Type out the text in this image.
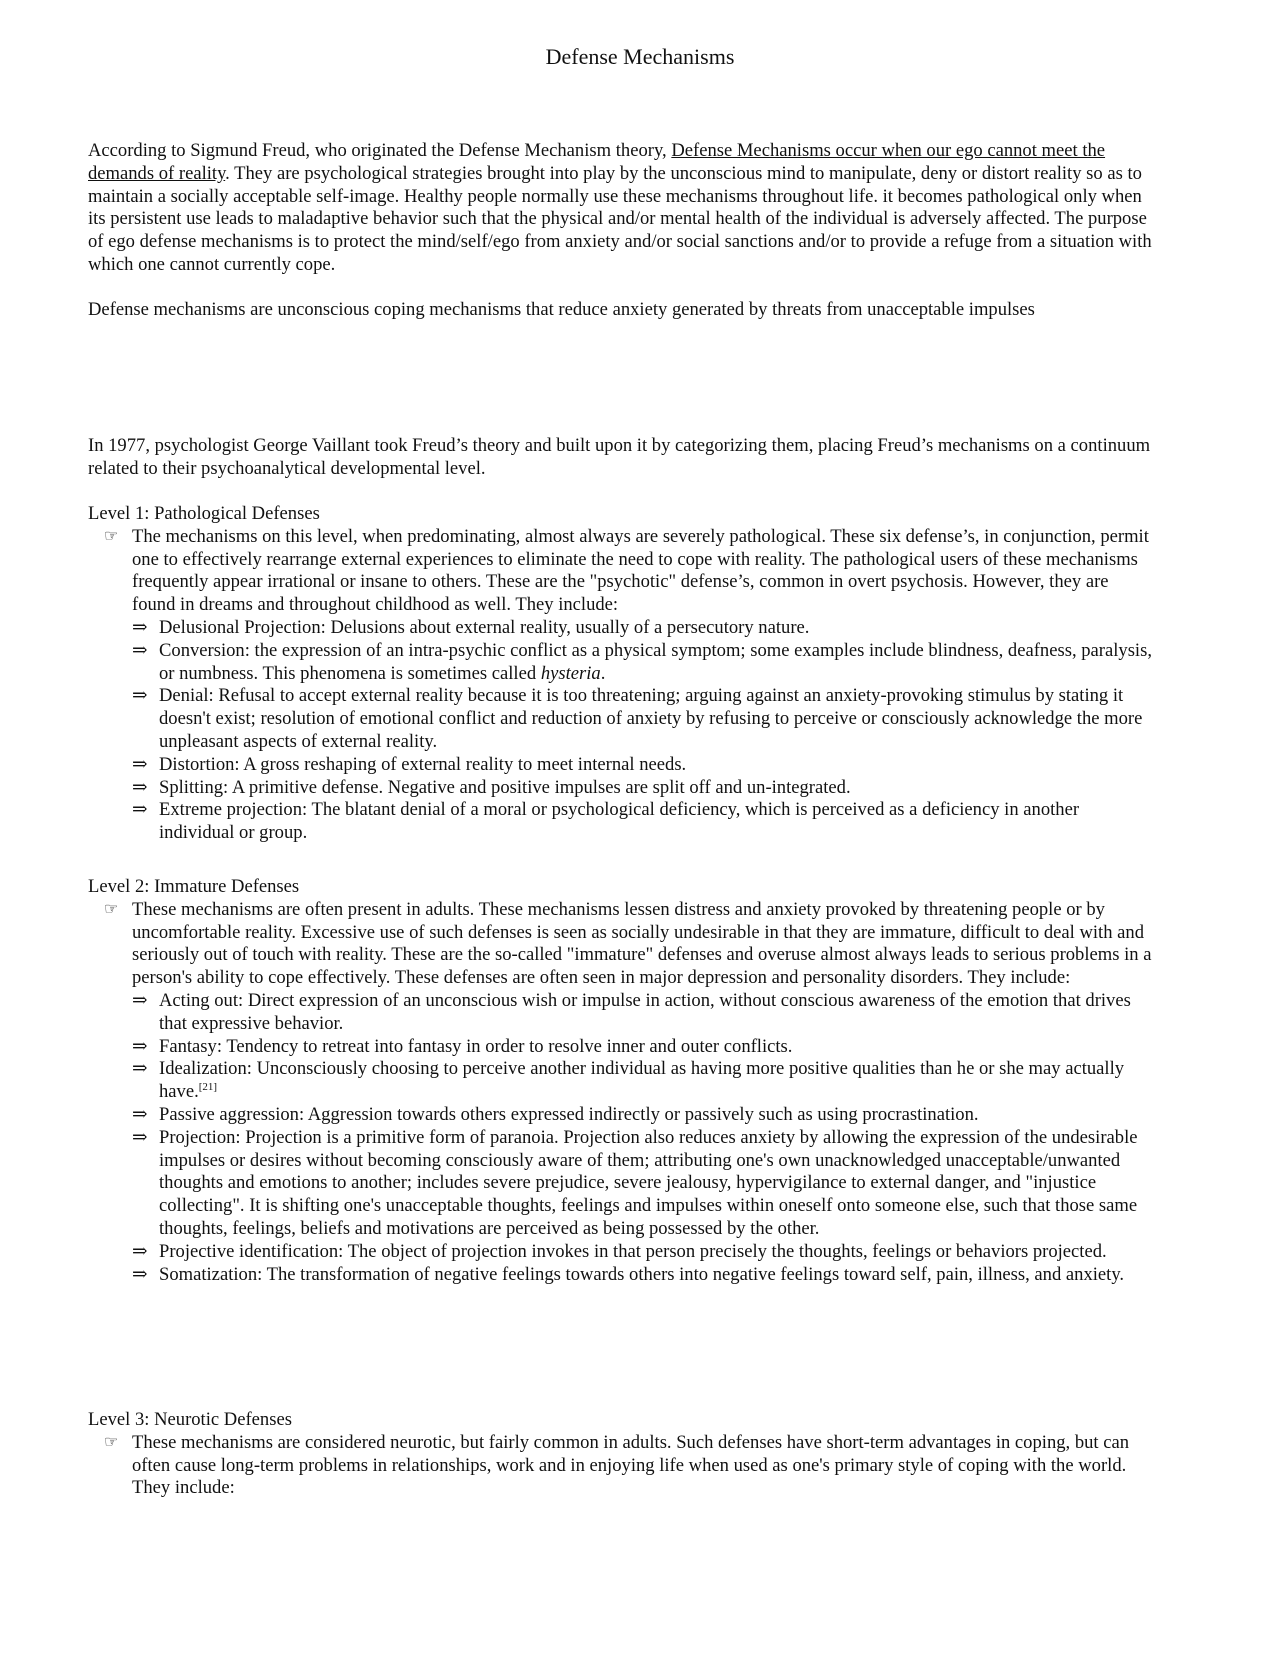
Defense Mechanisms

According to Sigmund Freud, who originated the Defense Mechanism theory, Defense Mechanisms occur when our ego cannot meet the demands of reality. They are psychological strategies brought into play by the unconscious mind to manipulate, deny or distort reality so as to maintain a socially acceptable self-image. Healthy people normally use these mechanisms throughout life. it becomes pathological only when its persistent use leads to maladaptive behavior such that the physical and/or mental health of the individual is adversely affected. The purpose of ego defense mechanisms is to protect the mind/self/ego from anxiety and/or social sanctions and/or to provide a refuge from a situation with which one cannot currently cope.

Defense mechanisms are unconscious coping mechanisms that reduce anxiety generated by threats from unacceptable impulses

In 1977, psychologist George Vaillant took Freud’s theory and built upon it by categorizing them, placing Freud’s mechanisms on a continuum related to their psychoanalytical developmental level.

Level 1: Pathological Defenses

☞ The mechanisms on this level, when predominating, almost always are severely pathological. These six defense’s, in conjunction, permit one to effectively rearrange external experiences to eliminate the need to cope with reality. The pathological users of these mechanisms frequently appear irrational or insane to others. These are the "psychotic" defense’s, common in overt psychosis. However, they are found in dreams and throughout childhood as well. They include:
⇒ Delusional Projection: Delusions about external reality, usually of a persecutory nature.
⇒ Conversion: the expression of an intra-psychic conflict as a physical symptom; some examples include blindness, deafness, paralysis, or numbness. This phenomena is sometimes called hysteria.
⇒ Denial: Refusal to accept external reality because it is too threatening; arguing against an anxiety-provoking stimulus by stating it doesn't exist; resolution of emotional conflict and reduction of anxiety by refusing to perceive or consciously acknowledge the more unpleasant aspects of external reality.
⇒ Distortion: A gross reshaping of external reality to meet internal needs.
⇒ Splitting: A primitive defense. Negative and positive impulses are split off and un-integrated.
⇒ Extreme projection: The blatant denial of a moral or psychological deficiency, which is perceived as a deficiency in another individual or group.

Level 2: Immature Defenses

☞ These mechanisms are often present in adults. These mechanisms lessen distress and anxiety provoked by threatening people or by uncomfortable reality. Excessive use of such defenses is seen as socially undesirable in that they are immature, difficult to deal with and seriously out of touch with reality. These are the so-called "immature" defenses and overuse almost always leads to serious problems in a person's ability to cope effectively. These defenses are often seen in major depression and personality disorders. They include:
⇒ Acting out: Direct expression of an unconscious wish or impulse in action, without conscious awareness of the emotion that drives that expressive behavior.
⇒ Fantasy: Tendency to retreat into fantasy in order to resolve inner and outer conflicts.
⇒ Idealization: Unconsciously choosing to perceive another individual as having more positive qualities than he or she may actually have.[21]
⇒ Passive aggression: Aggression towards others expressed indirectly or passively such as using procrastination.
⇒ Projection: Projection is a primitive form of paranoia. Projection also reduces anxiety by allowing the expression of the undesirable impulses or desires without becoming consciously aware of them; attributing one's own unacknowledged unacceptable/unwanted thoughts and emotions to another; includes severe prejudice, severe jealousy, hypervigilance to external danger, and "injustice collecting". It is shifting one's unacceptable thoughts, feelings and impulses within oneself onto someone else, such that those same thoughts, feelings, beliefs and motivations are perceived as being possessed by the other.
⇒ Projective identification: The object of projection invokes in that person precisely the thoughts, feelings or behaviors projected.
⇒ Somatization: The transformation of negative feelings towards others into negative feelings toward self, pain, illness, and anxiety.

Level 3: Neurotic Defenses

☞ These mechanisms are considered neurotic, but fairly common in adults. Such defenses have short-term advantages in coping, but can often cause long-term problems in relationships, work and in enjoying life when used as one's primary style of coping with the world. They include:
